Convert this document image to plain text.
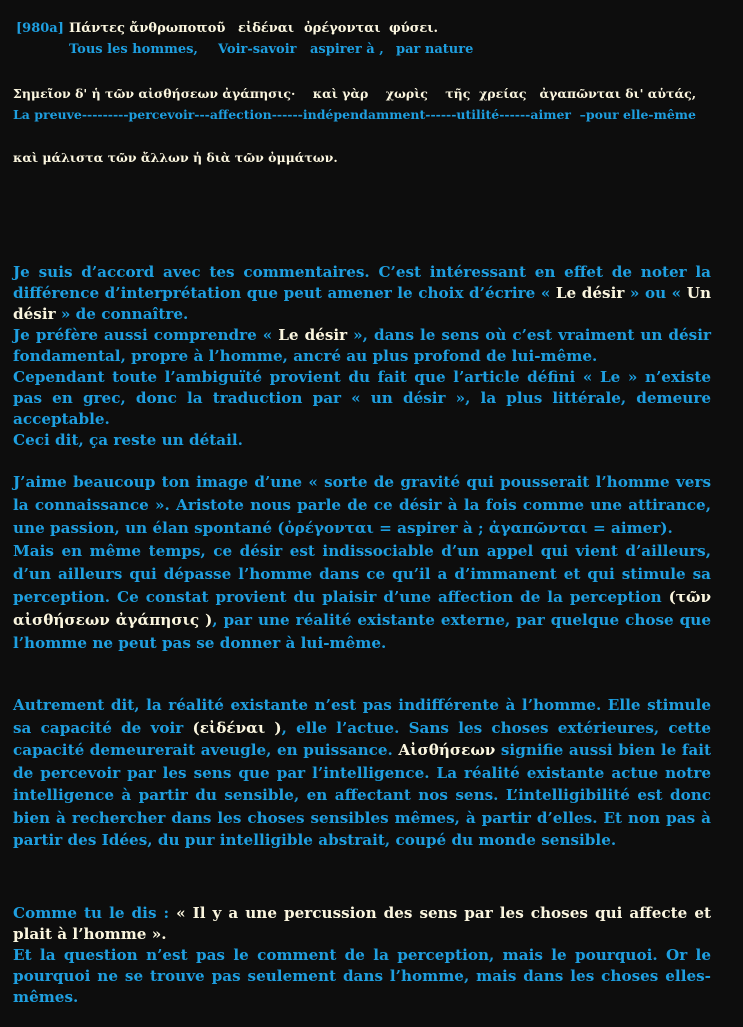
[980a] Πάντες ἄνθρωποι
τοῦ εἰδέναι ὀρέγονται φύσει.
Tous les hommes, Voir-savoir aspirer à , par nature
Σημεῖον δ' ἡ τῶν αἰσθήσεων ἀγάπησις·    καὶ γὰρ    χωρὶς    τῆς  χρείας   ἀγαπῶνται δι' αὑτάς,
La preuve---------percevoir---affection------indépendamment------utilité------aimer  –pour elle-même
καὶ μάλιστα τῶν ἄλλων ἡ διὰ τῶν ὀμμάτων.

Je suis d’accord avec tes commentaires. C’est intéressant en effet de noter la différence d’interprétation que peut amener le choix d’écrire « Le désir » ou « Un désir » de connaître.

Je préfère aussi comprendre « Le désir », dans le sens où c’est vraiment un désir fondamental, propre à l’homme, ancré au plus profond de lui-même.

Cependant toute l’ambiguïté provient du fait que l’article défini « Le » n’existe pas en grec, donc la traduction par « un désir », la plus littérale, demeure acceptable.

Ceci dit, ça reste un détail.

J’aime beaucoup ton image d’une « sorte de gravité qui pousserait l’homme vers la connaissance ». Aristote nous parle de ce désir à la fois comme une attirance, une passion, un élan spontané (ὀρέγονται = aspirer à ; ἀγαπῶνται = aimer).

Mais en même temps, ce désir est indissociable d’un appel qui vient d’ailleurs, d’un ailleurs qui dépasse l’homme dans ce qu’il a d’immanent et qui stimule sa perception. Ce constat provient du plaisir d’une affection de la perception (τῶν αἰσθήσεων ἀγάπησις ), par une réalité existante externe, par quelque chose que l’homme ne peut pas se donner à lui-même.

Autrement dit, la réalité existante n’est pas indifférente à l’homme. Elle stimule sa capacité de voir (εἰδέναι ), elle l’actue. Sans les choses extérieures, cette capacité demeurerait aveugle, en puissance. Αἰσθήσεων signifie aussi bien le fait de percevoir par les sens que par l’intelligence. La réalité existante actue notre intelligence à partir du sensible, en affectant nos sens. L’intelligibilité est donc bien à rechercher dans les choses sensibles mêmes, à partir d’elles. Et non pas à partir des Idées, du pur intelligible abstrait, coupé du monde sensible.

Comme tu le dis : « Il y a une percussion des sens par les choses qui affecte et plait à l’homme ».

Et la question n’est pas le comment de la perception, mais le pourquoi. Or le pourquoi ne se trouve pas seulement dans l’homme, mais dans les choses elles-mêmes.
